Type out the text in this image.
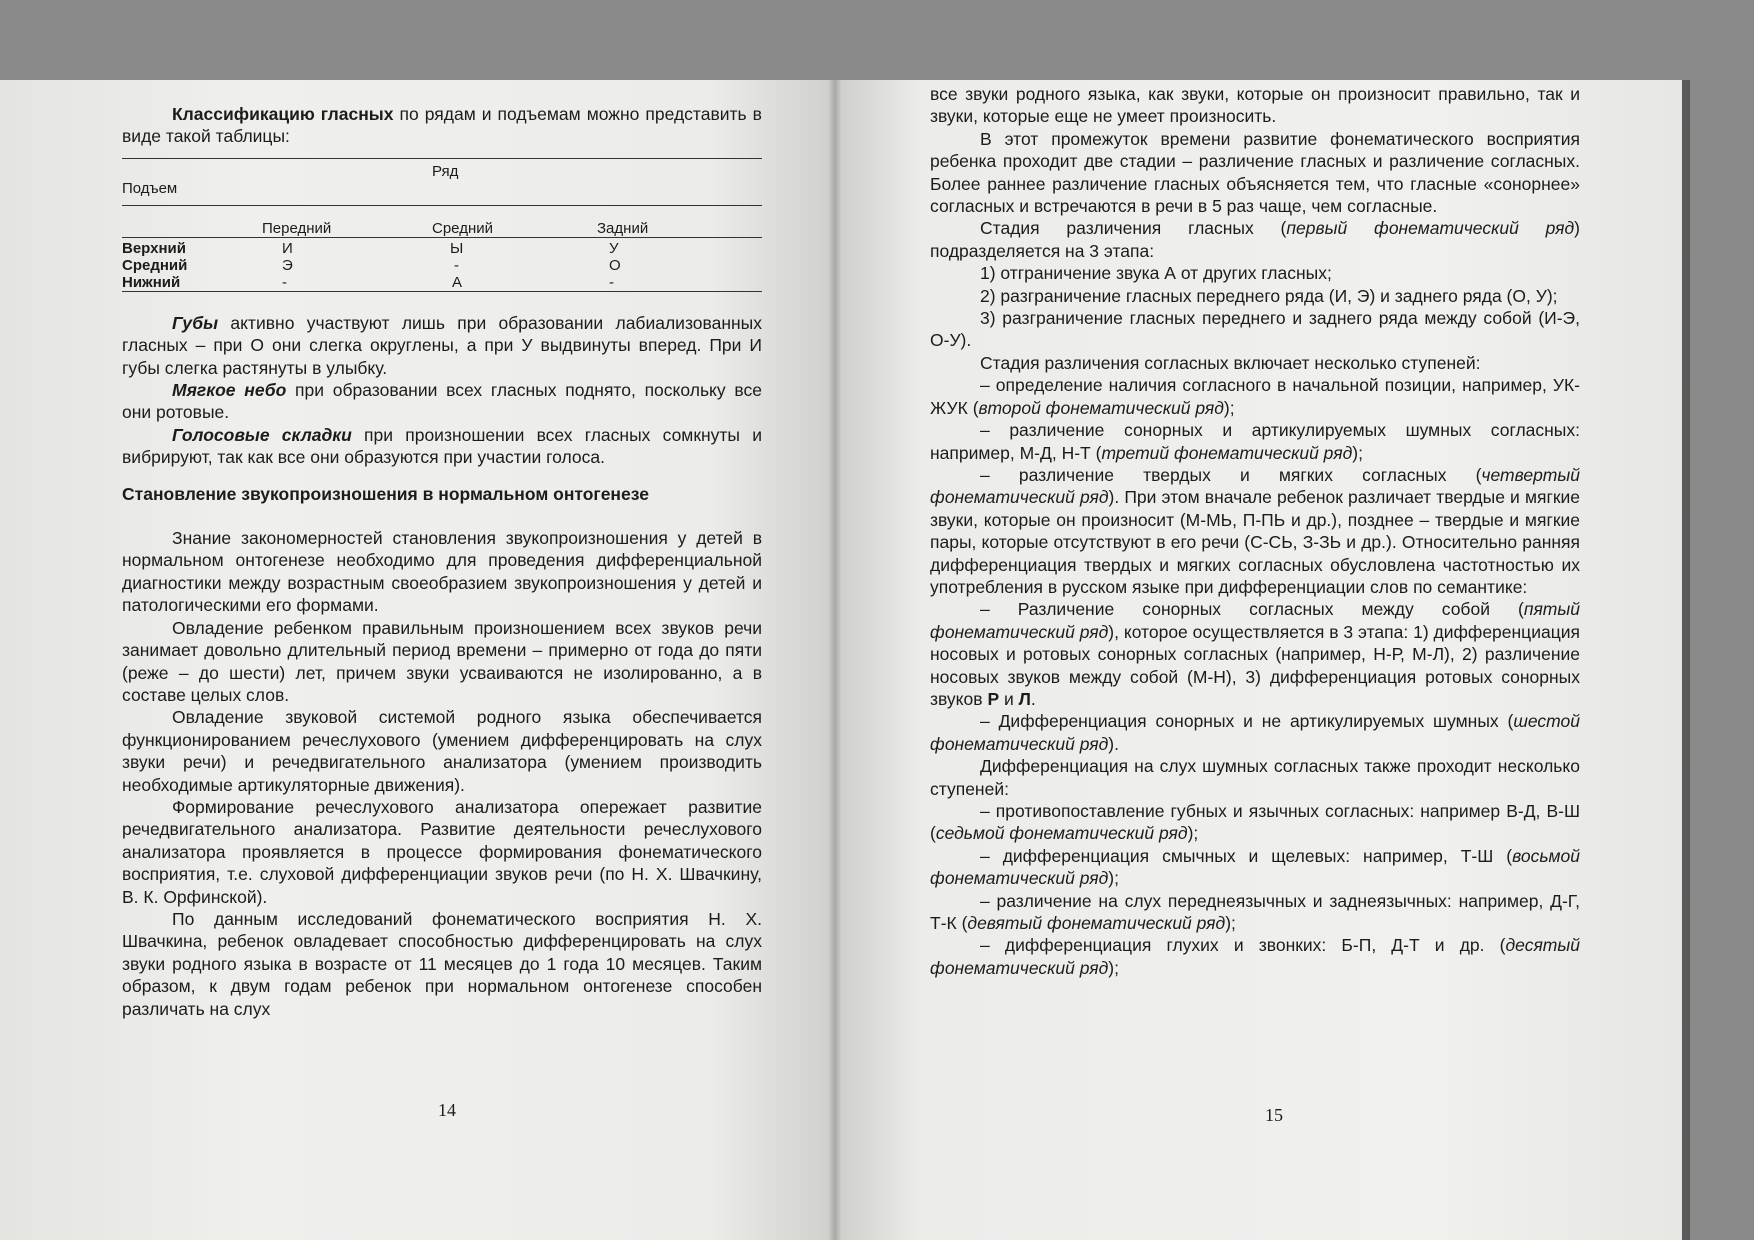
Классификацию гласных по рядам и подъемам можно представить в виде такой таблицы:

		Ряд	
Подъем			

	Передний	Средний	Задний
Верхний	И	Ы	У
Средний	Э	-	О
Нижний	-	А	-

Губы активно участвуют лишь при образовании лабиализованных гласных – при О они слегка округлены, а при У выдвинуты вперед. При И губы слегка растянуты в улыбку.

Мягкое небо при образовании всех гласных поднято, поскольку все они ротовые.

Голосовые складки при произношении всех гласных сомкнуты и вибрируют, так как все они образуются при участии голоса.

Становление звукопроизношения в нормальном онтогенезе

Знание закономерностей становления звукопроизношения у детей в нормальном онтогенезе необходимо для проведения дифференциальной диагностики между возрастным своеобразием звукопроизношения у детей и патологическими его формами.

Овладение ребенком правильным произношением всех звуков речи занимает довольно длительный период времени – примерно от года до пяти (реже – до шести) лет, причем звуки усваиваются не изолированно, а в составе целых слов.

Овладение звуковой системой родного языка обеспечивается функционированием речеслухового (умением дифференцировать на слух звуки речи) и речедвигательного анализатора (умением производить необходимые артикуляторные движения).

Формирование речеслухового анализатора опережает развитие речедвигательного анализатора. Развитие деятельности речеслухового анализатора проявляется в процессе формирования фонематического восприятия, т.е. слуховой дифференциации звуков речи (по Н. Х. Швачкину, В. К. Орфинской).

По данным исследований фонематического восприятия Н. Х. Швачкина, ребенок овладевает способностью дифференцировать на слух звуки родного языка в возрасте от 11 месяцев до 1 года 10 месяцев. Таким образом, к двум годам ребенок при нормальном онтогенезе способен различать на слух

14

все звуки родного языка, как звуки, которые он произносит правильно, так и звуки, которые еще не умеет произносить.

В этот промежуток времени развитие фонематического восприятия ребенка проходит две стадии – различение гласных и различение согласных. Более раннее различение гласных объясняется тем, что гласные «сонорнее» согласных и встречаются в речи в 5 раз чаще, чем согласные.

Стадия различения гласных (первый фонематический ряд) подразделяется на 3 этапа:

1) отграничение звука А от других гласных;

2) разграничение гласных переднего ряда (И, Э) и заднего ряда (О, У);

3) разграничение гласных переднего и заднего ряда между собой (И-Э, О-У).

Стадия различения согласных включает несколько ступеней:

– определение наличия согласного в начальной позиции, например, УК-ЖУК (второй фонематический ряд);

– различение сонорных и артикулируемых шумных согласных: например, М-Д, Н-Т (третий фонематический ряд);

– различение твердых и мягких согласных (четвертый фонематический ряд). При этом вначале ребенок различает твердые и мягкие звуки, которые он произносит (М-МЬ, П-ПЬ и др.), позднее – твердые и мягкие пары, которые отсутствуют в его речи (С-СЬ, З-ЗЬ и др.). Относительно ранняя дифференциация твердых и мягких согласных обусловлена частотностью их употребления в русском языке при дифференциации слов по семантике:

– Различение сонорных согласных между собой (пятый фонематический ряд), которое осуществляется в 3 этапа: 1) дифференциация носовых и ротовых сонорных согласных (например, Н-Р, М-Л), 2) различение носовых звуков между собой (М-Н), 3) дифференциация ротовых сонорных звуков Р и Л.

– Дифференциация сонорных и не артикулируемых шумных (шестой фонематический ряд).

Дифференциация на слух шумных согласных также проходит несколько ступеней:

– противопоставление губных и язычных согласных: например В-Д, В-Ш (седьмой фонематический ряд);

– дифференциация смычных и щелевых: например, Т-Ш (восьмой фонематический ряд);

– различение на слух переднеязычных и заднеязычных: например, Д-Г, Т-К (девятый фонематический ряд);

– дифференциация глухих и звонких: Б-П, Д-Т и др. (десятый фонематический ряд);

15
